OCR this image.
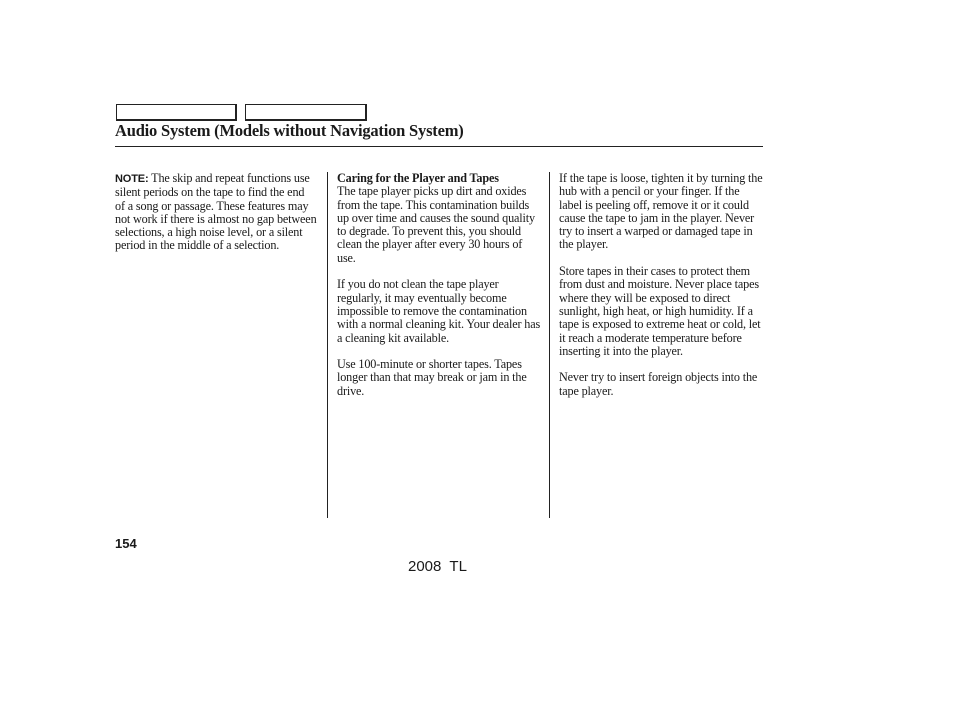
Audio System (Models without Navigation System)

NOTE: The skip and repeat functions use silent periods on the tape to find the end of a song or passage. These features may not work if there is almost no gap between selections, a high noise level, or a silent period in the middle of a selection.

Caring for the Player and Tapes
The tape player picks up dirt and oxides from the tape. This contamination builds up over time and causes the sound quality to degrade. To prevent this, you should clean the player after every 30 hours of use.

If you do not clean the tape player regularly, it may eventually become impossible to remove the contamination with a normal cleaning kit. Your dealer has a cleaning kit available.

Use 100-minute or shorter tapes. Tapes longer than that may break or jam in the drive.

If the tape is loose, tighten it by turning the hub with a pencil or your finger. If the label is peeling off, remove it or it could cause the tape to jam in the player. Never try to insert a warped or damaged tape in the player.

Store tapes in their cases to protect them from dust and moisture. Never place tapes where they will be exposed to direct sunlight, high heat, or high humidity. If a tape is exposed to extreme heat or cold, let it reach a moderate temperature before inserting it into the player.

Never try to insert foreign objects into the tape player.

154
2008  TL
